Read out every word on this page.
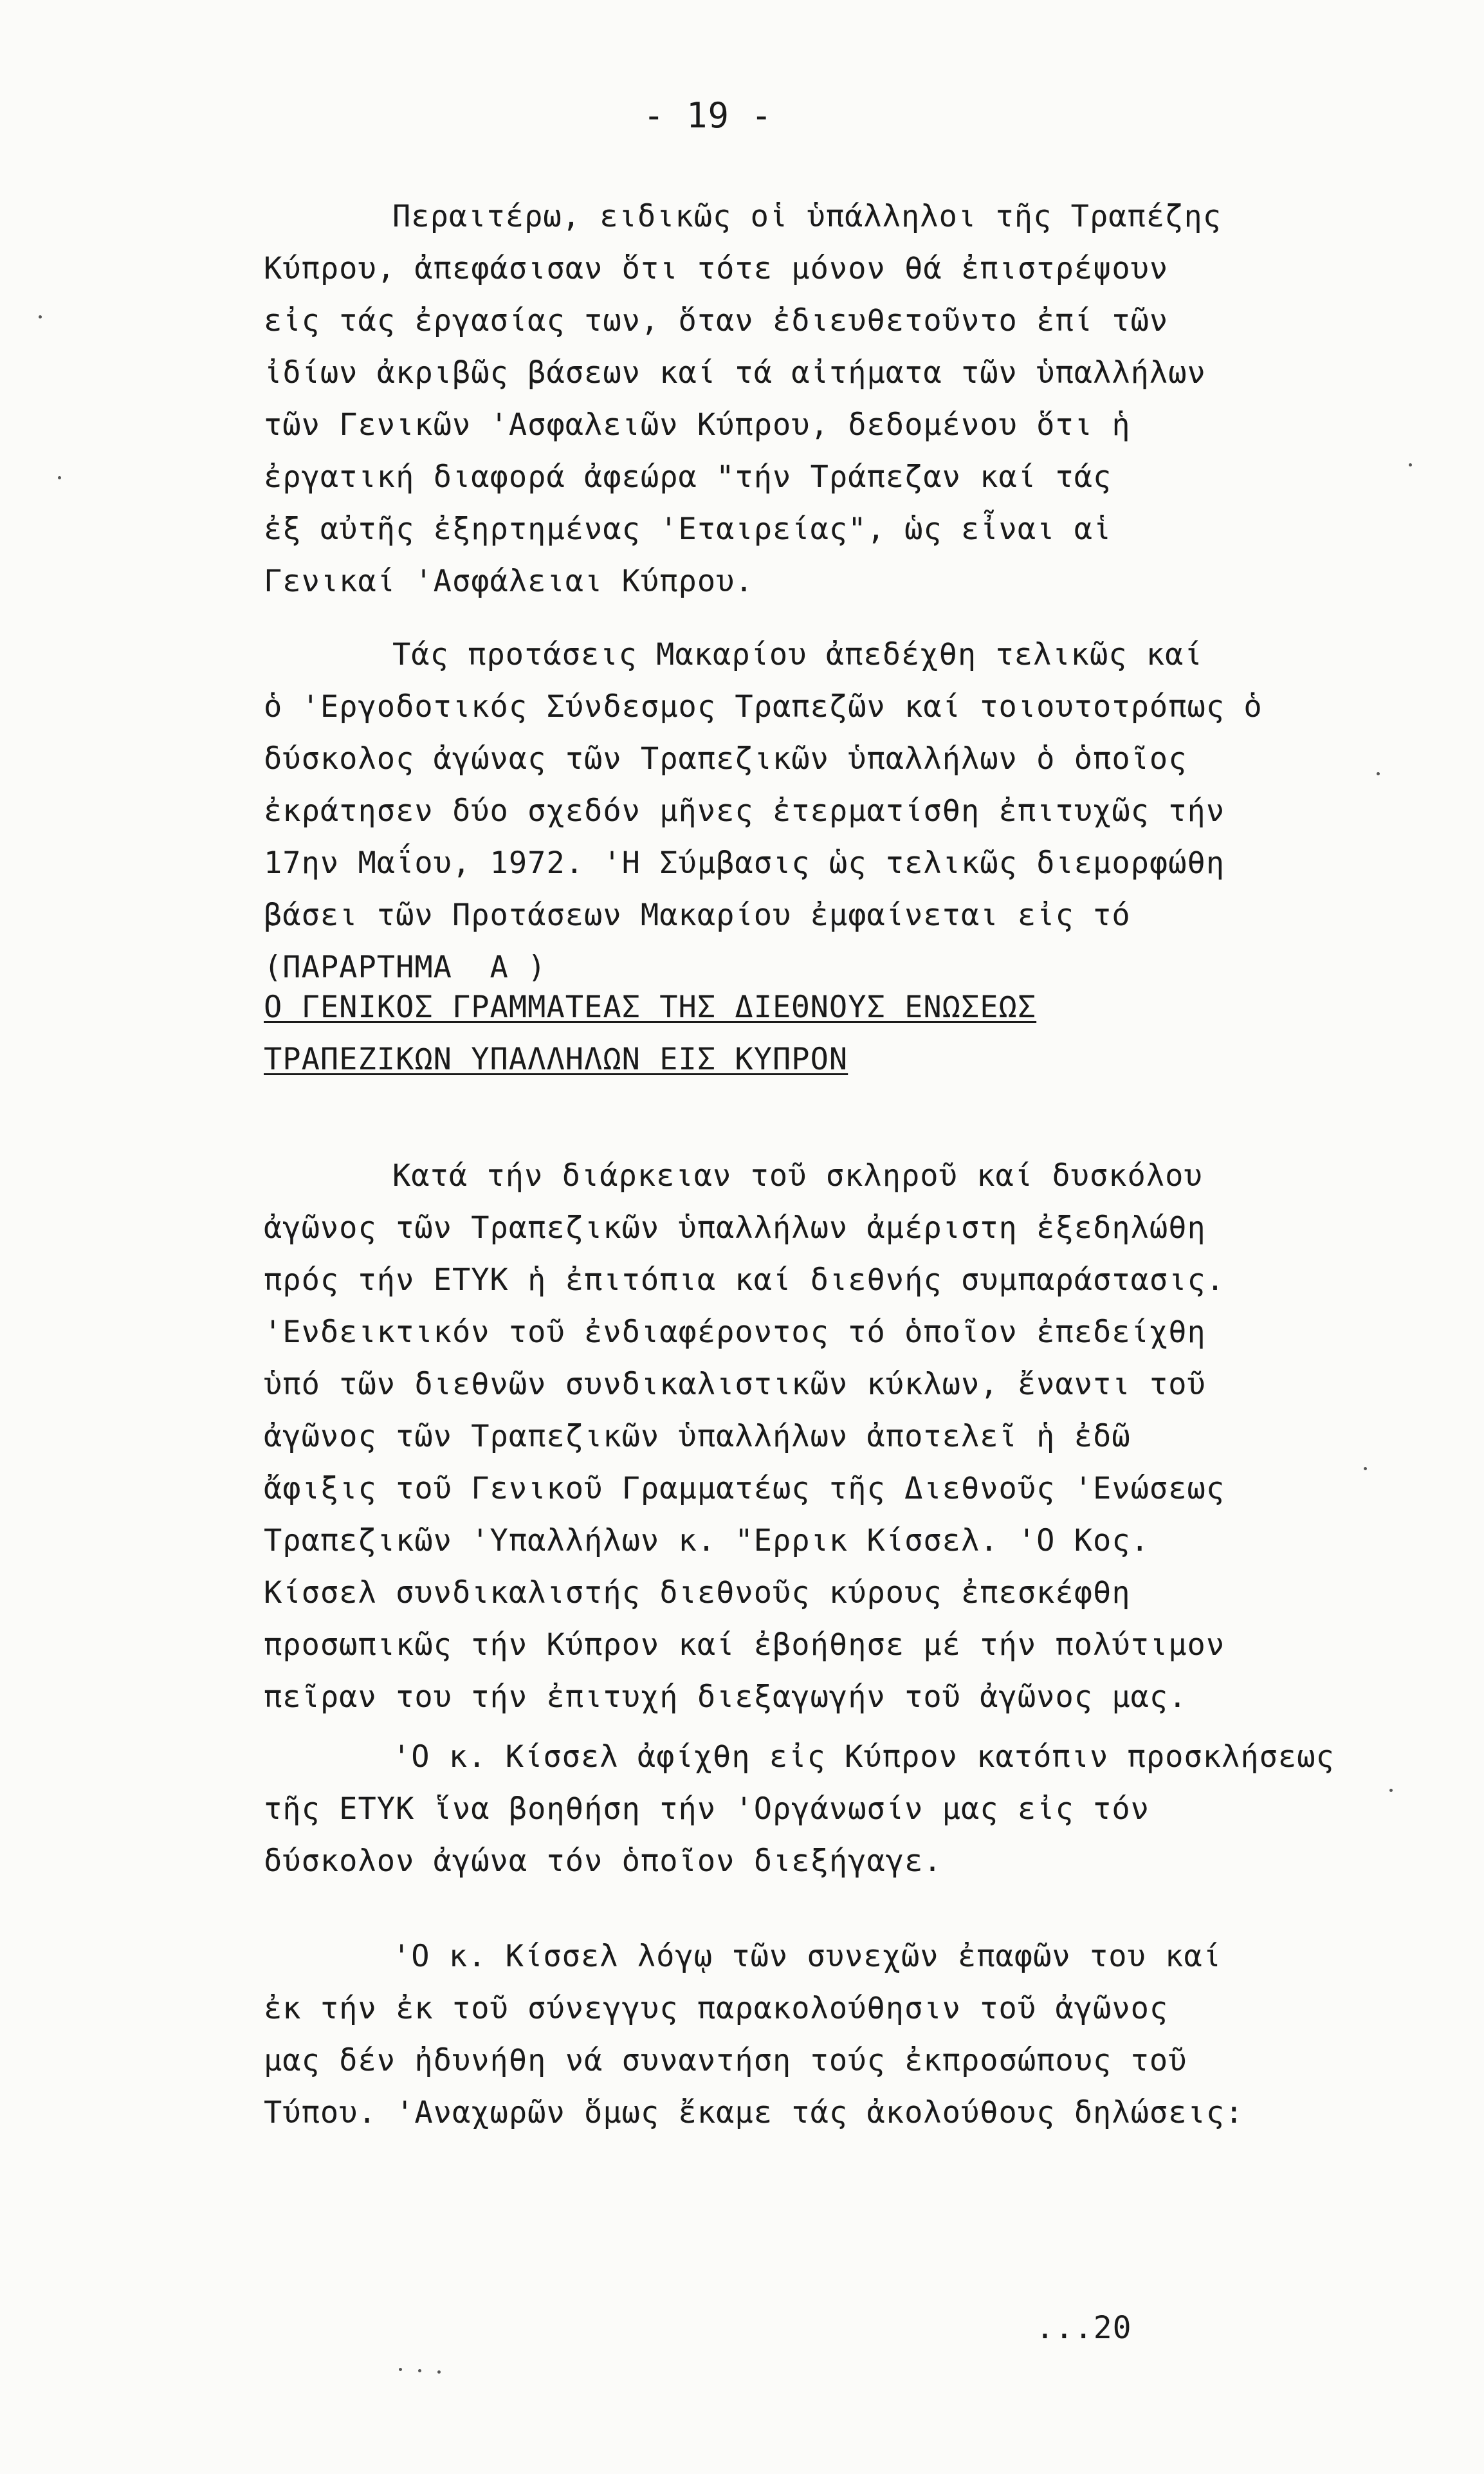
- 19 -
Περαιτέρω, ειδικῶς οἱ ὑπάλληλοι τῆς Τραπέζης
Κύπρου, ἀπεφάσισαν ὅτι τότε μόνον θά ἐπιστρέψουν
εἰς τάς ἐργασίας των, ὅταν ἐδιευθετοῦντο ἐπί τῶν
ἰδίων ἀκριβῶς βάσεων καί τά αἰτήματα τῶν ὑπαλλήλων
τῶν Γενικῶν 'Ασφαλειῶν Κύπρου, δεδομένου ὅτι ἡ
ἐργατική διαφορά ἀφεώρα "τήν Τράπεζαν καί τάς
ἐξ αὐτῆς ἐξηρτημένας 'Εταιρείας", ὡς εἶναι αἱ
Γενικαί 'Ασφάλειαι Κύπρου.
Τάς προτάσεις Μακαρίου ἀπεδέχθη τελικῶς καί
ὁ 'Εργοδοτικός Σύνδεσμος Τραπεζῶν καί τοιουτοτρόπως ὁ
δύσκολος ἀγώνας τῶν Τραπεζικῶν ὑπαλλήλων ὁ ὁποῖος
ἐκράτησεν δύο σχεδόν μῆνες ἐτερματίσθη ἐπιτυχῶς τήν
17ην Μαΐου, 1972. 'Η Σύμβασις ὡς τελικῶς διεμορφώθη
βάσει τῶν Προτάσεων Μακαρίου ἐμφαίνεται εἰς τό
(ΠΑΡΑΡΤΗΜΑ  Α )
Ο ΓΕΝΙΚΟΣ ΓΡΑΜΜΑΤΕΑΣ ΤΗΣ ΔΙΕΘΝΟΥΣ ΕΝΩΣΕΩΣ
ΤΡΑΠΕΖΙΚΩΝ ΥΠΑΛΛΗΛΩΝ ΕΙΣ ΚΥΠΡΟΝ
Κατά τήν διάρκειαν τοῦ σκληροῦ καί δυσκόλου
ἀγῶνος τῶν Τραπεζικῶν ὑπαλλήλων ἀμέριστη ἐξεδηλώθη
πρός τήν ΕΤΥΚ ἡ ἐπιτόπια καί διεθνής συμπαράστασις.
'Ενδεικτικόν τοῦ ἐνδιαφέροντος τό ὁποῖον ἐπεδείχθη
ὑπό τῶν διεθνῶν συνδικαλιστικῶν κύκλων, ἔναντι τοῦ
ἀγῶνος τῶν Τραπεζικῶν ὑπαλλήλων ἀποτελεῖ ἡ ἐδῶ
ἄφιξις τοῦ Γενικοῦ Γραμματέως τῆς Διεθνοῦς 'Ενώσεως
Τραπεζικῶν 'Υπαλλήλων κ. "Ερρικ Κίσσελ. 'Ο Κος.
Κίσσελ συνδικαλιστής διεθνοῦς κύρους ἐπεσκέφθη
προσωπικῶς τήν Κύπρον καί ἐβοήθησε μέ τήν πολύτιμον
πεῖραν του τήν ἐπιτυχή διεξαγωγήν τοῦ ἀγῶνος μας.
'Ο κ. Κίσσελ ἀφίχθη εἰς Κύπρον κατόπιν προσκλήσεως
τῆς ΕΤΥΚ ἵνα βοηθήση τήν 'Οργάνωσίν μας εἰς τόν
δύσκολον ἀγώνα τόν ὁποῖον διεξήγαγε.
'Ο κ. Κίσσελ λόγῳ τῶν συνεχῶν ἐπαφῶν του καί
ἐκ τήν ἐκ τοῦ σύνεγγυς παρακολούθησιν τοῦ ἀγῶνος
μας δέν ἠδυνήθη νά συναντήση τούς ἐκπροσώπους τοῦ
Τύπου. 'Αναχωρῶν ὅμως ἔκαμε τάς ἀκολούθους δηλώσεις:
...20
